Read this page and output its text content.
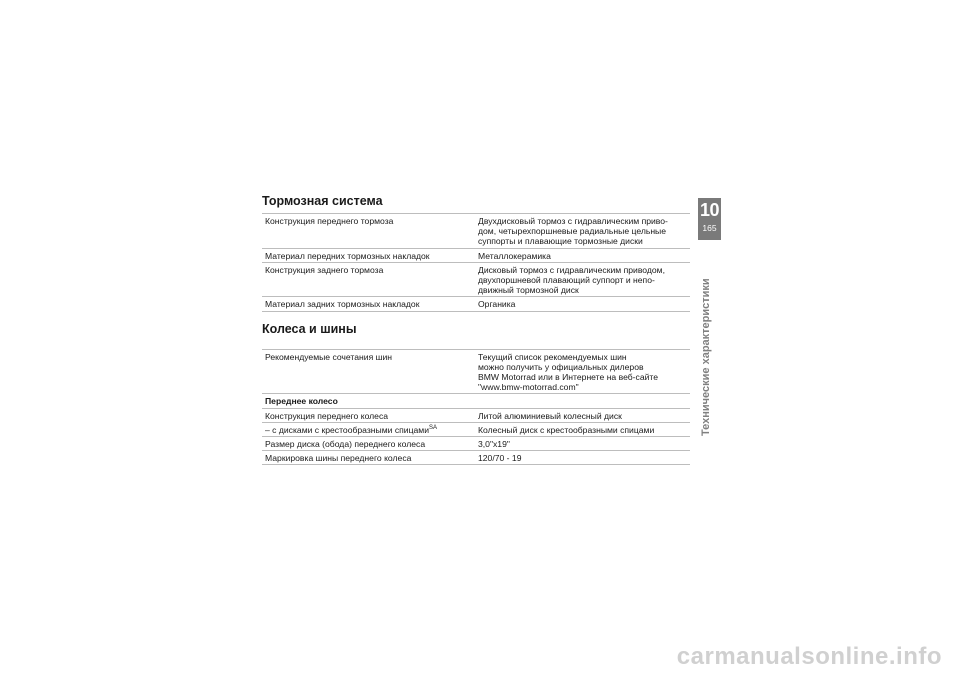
Тормозная система
Конструкция переднего тормоза	Двухдисковый тормоз с гидравлическим приво-
дом, четырехпоршневые радиальные цельные
суппорты и плавающие тормозные диски
Материал передних тормозных накладок	Металлокерамика
Конструкция заднего тормоза	Дисковый тормоз с гидравлическим приводом,
двухпоршневой плавающий суппорт и непо-
движный тормозной диск
Материал задних тормозных накладок	Органика
Колеса и шины
Рекомендуемые сочетания шин	Текущий список рекомендуемых шин
можно получить у официальных дилеров
BMW Motorrad или в Интернете на веб-сайте
"www.bmw-motorrad.com"
Переднее колесо	
Конструкция переднего колеса	Литой алюминиевый колесный диск
– с дисками с крестообразными спицами$^{SA}$	Колесный диск с крестообразными спицами
Размер диска (обода) переднего колеса	3,0"x19"
Маркировка шины переднего колеса	120/70 - 19
10
165
Технические характеристики
carmanualsonline.info
